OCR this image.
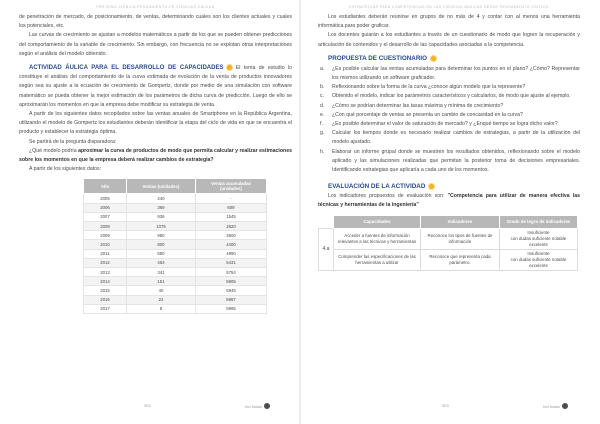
PRE-DINO-CIENCIA-PENSAMIENTO-FE-CIENCIAS-CALCUA

de penetración de mercado, de posicionamiento, de ventas, determinando cuales son los clientes actuales y cuales los potenciales, etc.

Las curvas de crecimiento se ajustan a modelos matemáticos a partir de los que se pueden obtener predicciones del comportamiento de la variable de crecimiento. Sin embargo, con frecuencia no se explotan otras interpretaciones según el análisis del modelo obtenido.

ACTIVIDAD ÁULICA PARA EL DESARROLLO DE CAPACIDADES El tema de estudio lo constituye el análisis del comportamiento de la curva estimada de evolución de la venta de productos innovadores según sea su ajuste a la ecuación de crecimiento de Gompertz, donde por medio de una simulación con software matemático se pueda obtener la mejor estimación de los parámetros de dicha curva de predicción. Luego de ello se aproximarán los momentos en que la empresa debe modificar su estrategia de venta.

A partir de los siguientes datos recopilados sobre las ventas anuales de Smartphone en la República Argentina, utilizando el modelo de Gompertz los estudiantes deberán identificar la etapa del ciclo de vida en que se encuentra el producto y establecer la estrategia óptima.

Se partirá de la pregunta disparadora:

¿Qué modelo podría aproximar la curva de productos de modo que permita calcular y realizar estimaciones sobre los momentos en que la empresa deberá realizar cambios de estrategia?

A partir de los siguientes datos:

Año	Ventas (unidades)	Ventas acumuladas (unidades)
2005	240	-
2006	369	609
2007	936	1545
2008	1075	2620
2009	980	3600
2010	800	4400
2011	590	4990
2012	463	5431
2013	341	5754
2014	151	5905
2015	40	5945
2016	22	5987
2017	8	5995
302	Ind Nalan
ESTRATEGIAS PARA COMPETENCIAS EN LAS CIENCIAS BÁSICAS DESDE PENSAMIENTO CRÍTICO

Los estudiantes deberán reunirse en grupos de no más de 4 y contar con al menos una herramienta informática para poder graficar.

Los docentes guiarán a los estudiantes a través de un cuestionario de modo que logren la recuperación y articulación de contenidos y el desarrollo de las capacidades asociadas a la competencia.

PROPUESTA DE CUESTIONARIO
a.	¿Es posible calcular las ventas acumuladas para determinar los puntos en el plano? ¿Cómo? Representar los mismos utilizando un software graficador.
b.	Reflexionando sobre la forma de la curva ¿conoce algún modelo que la represente?
c.	Obtenido el modelo, indicar los parámetros característicos y calcularlos, de modo que ajuste al ejemplo.
d.	¿Cómo se podrían determinar las tasas máxima y mínima de crecimiento?
e.	¿Con qué porcentaje de ventas se presenta un cambio de concavidad en la curva?
f.	¿Es posible determinar el valor de saturación de mercado? y ¿Enqué tiempo se logra dicho valor?
g.	Calcular los tiempos donde es necesario realizar cambios de estrategias, a partir de la utilización del modelo ajustado.
h.	Elaborar un informe grupal donde se muestren los resultados obtenidos, reflexionando sobre el modelo aplicado y las simulaciones realizadas que permitan la posterior toma de decisiones empresariales. Identificando estrategias que aplicaría a cada uno de los momentos.
EVALUACIÓN DE LA ACTIVIDAD

Los indicadores propuestos de evaluación son: "Competencia para utilizar de manera efectiva las técnicas y herramientas de la ingeniería"

	Capacidades	Indicadores	Grado de logro de indicadores
4.a	Acceder a fuentes de información relevantes a las técnicas y herramientas	Reconoce los tipos de fuentes de información	Insuficiente
con dudas suficiente notable
excelente
	Comprender las especificaciones de las herramientas a utilizar	Reconoce que representa cada parámetro.	Insuficiente
con dudas suficiente notable
excelente
303	Ind Nalan
